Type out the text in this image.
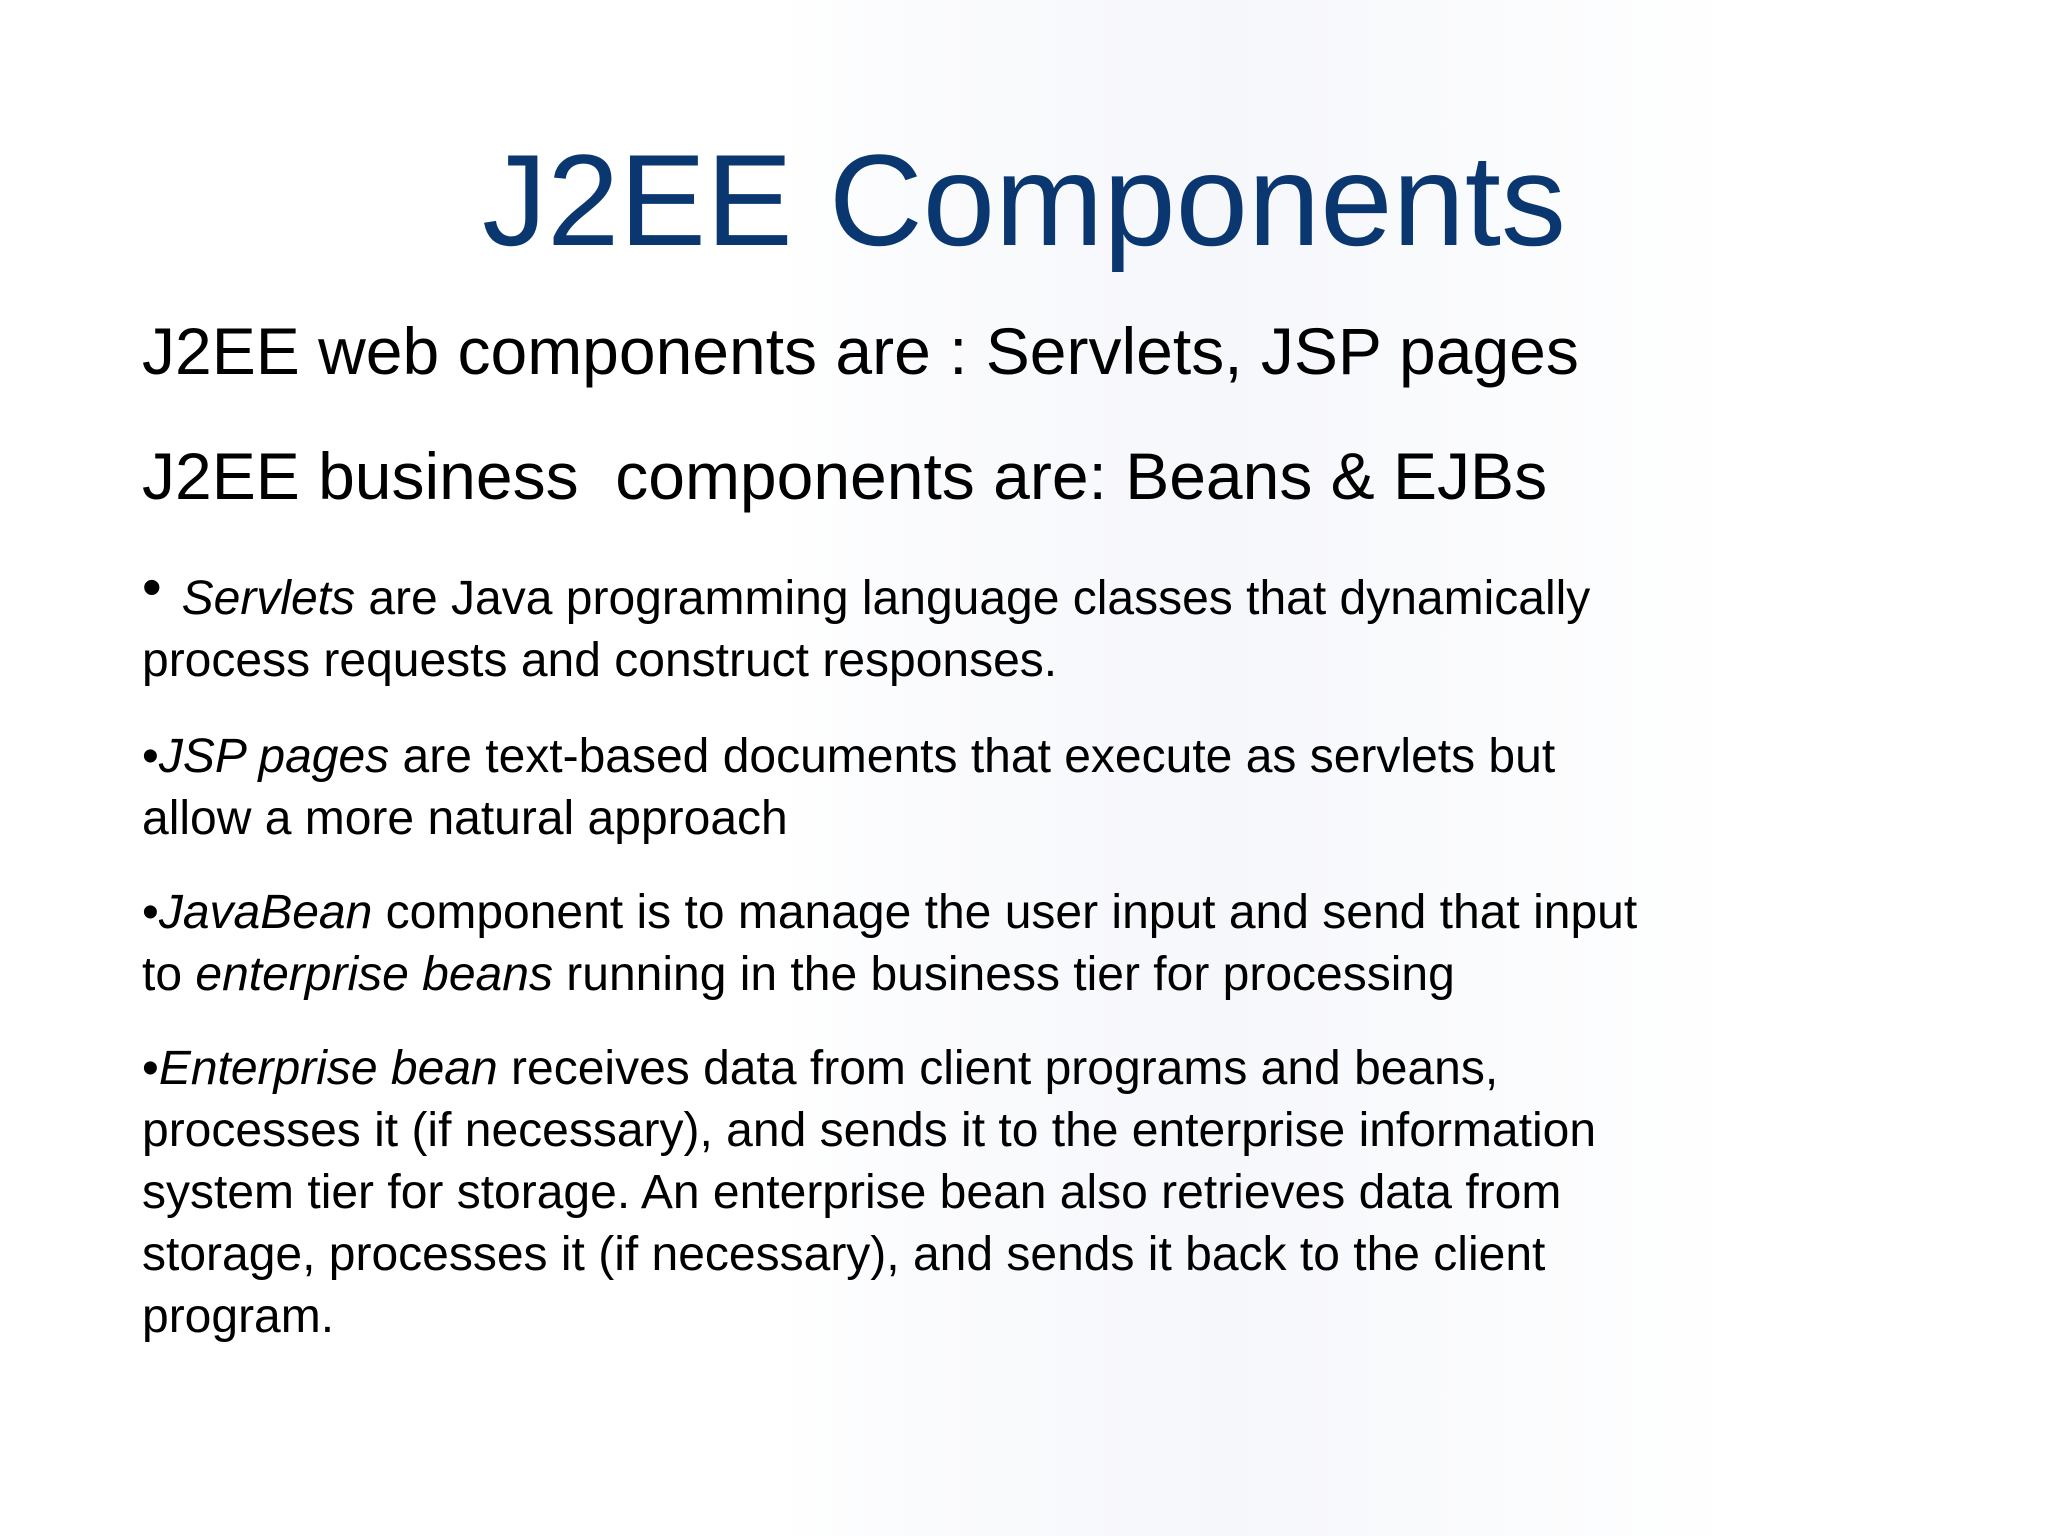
J2EE Components
J2EE web components are : Servlets, JSP pages
J2EE business  components are: Beans & EJBs
• Servlets are Java programming language classes that dynamically
process requests and construct responses.
•JSP pages are text-based documents that execute as servlets but
allow a more natural approach
•JavaBean component is to manage the user input and send that input
to enterprise beans running in the business tier for processing
•Enterprise bean receives data from client programs and beans,
processes it (if necessary), and sends it to the enterprise information
system tier for storage. An enterprise bean also retrieves data from
storage, processes it (if necessary), and sends it back to the client
program.
